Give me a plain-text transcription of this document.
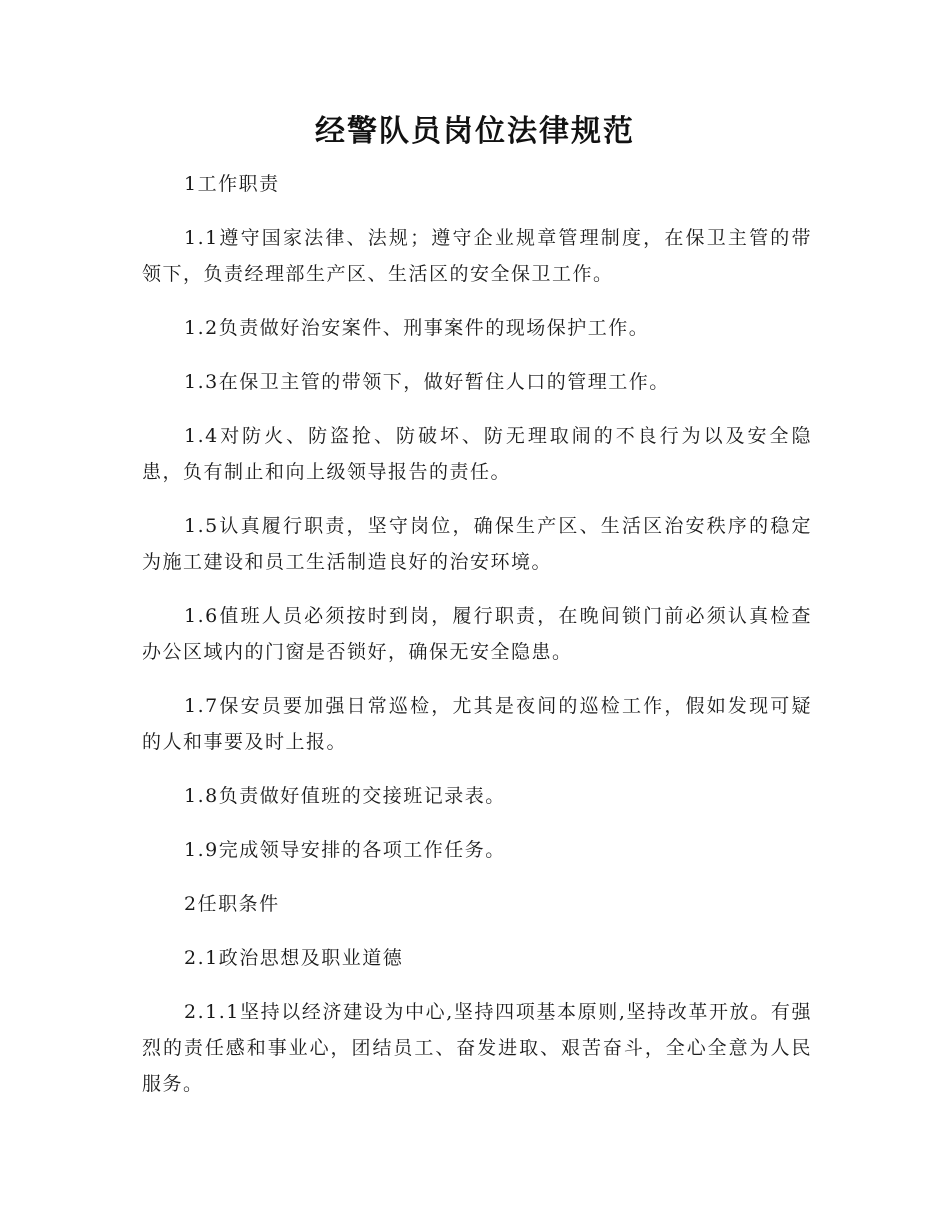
经警队员岗位法律规范

1工作职责

1.1遵守国家法律、法规；遵守企业规章管理制度，在保卫主管的带领下，负责经理部生产区、生活区的安全保卫工作。

1.2负责做好治安案件、刑事案件的现场保护工作。

1.3在保卫主管的带领下，做好暂住人口的管理工作。

1.4对防火、防盗抢、防破坏、防无理取闹的不良行为以及安全隐患，负有制止和向上级领导报告的责任。

1.5认真履行职责，坚守岗位，确保生产区、生活区治安秩序的稳定为施工建设和员工生活制造良好的治安环境。

1.6值班人员必须按时到岗，履行职责，在晚间锁门前必须认真检查办公区域内的门窗是否锁好，确保无安全隐患。

1.7保安员要加强日常巡检，尤其是夜间的巡检工作，假如发现可疑的人和事要及时上报。

1.8负责做好值班的交接班记录表。

1.9完成领导安排的各项工作任务。

2任职条件

2.1政治思想及职业道德

2.1.1坚持以经济建设为中心,坚持四项基本原则,坚持改革开放。有强烈的责任感和事业心，团结员工、奋发进取、艰苦奋斗，全心全意为人民服务。
